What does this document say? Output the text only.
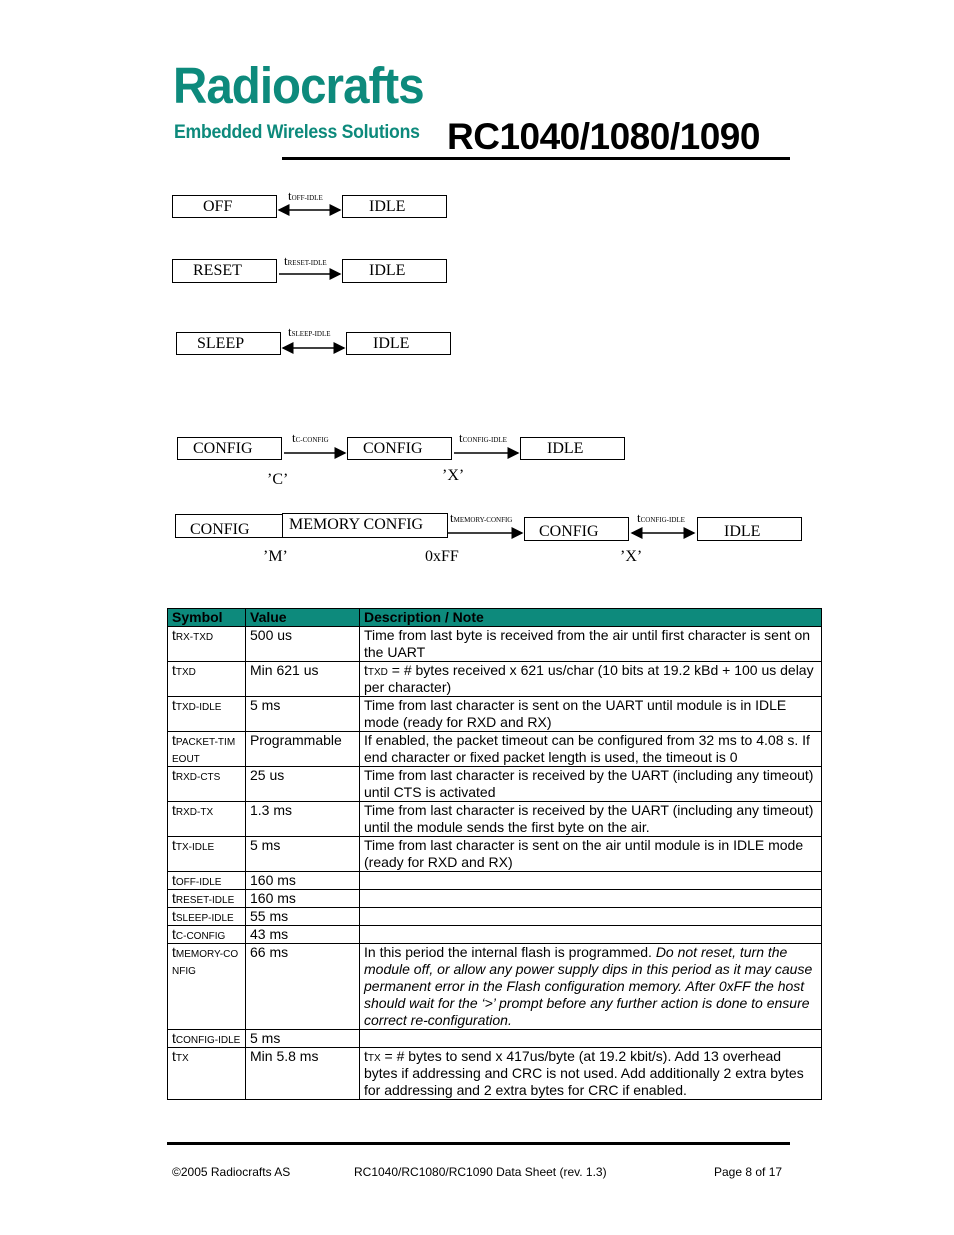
Radiocrafts
Embedded Wireless Solutions RC1040/1080/1090
OFF	IDLE
tOFF-IDLE
RESET	IDLE
tRESET-IDLE
SLEEP	IDLE
tSLEEP-IDLE
CONFIG	CONFIG	IDLE
tC-CONFIG	tCONFIG-IDLE
’C’	’X’
CONFIG	MEMORY CONFIG	CONFIG	IDLE
tMEMORY-CONFIG	tCONFIG-IDLE
’M’	0xFF	’X’
Symbol	Value	Description / Note
tRX-TXD	500 us	Time from last byte is received from the air until first character is sent on the UART
tTXD	Min 621 us	tTXD = # bytes received x 621 us/char (10 bits at 19.2 kBd + 100 us delay per character)
tTXD-IDLE	5 ms	Time from last character is sent on the UART until module is in IDLE mode (ready for RXD and RX)
tPACKET-TIMEOUT	Programmable	If enabled, the packet timeout can be configured from 32 ms to 4.08 s. If end character or fixed packet length is used, the timeout is 0
tRXD-CTS	25 us	Time from last character is received by the UART (including any timeout) until CTS is activated
tRXD-TX	1.3 ms	Time from last character is received by the UART (including any timeout) until the module sends the first byte on the air.
tTX-IDLE	5 ms	Time from last character is sent on the air until module is in IDLE mode (ready for RXD and RX)
tOFF-IDLE	160 ms	
tRESET-IDLE	160 ms	
tSLEEP-IDLE	55 ms	
tC-CONFIG	43 ms	
tMEMORY-CONFIG	66 ms	In this period the internal flash is programmed. Do not reset, turn the module off, or allow any power supply dips in this period as it may cause permanent error in the Flash configuration memory. After 0xFF the host should wait for the ‘>’ prompt before any further action is done to ensure correct re-configuration.
tCONFIG-IDLE	5 ms	
tTX	Min 5.8 ms	tTX = # bytes to send x 417us/byte (at 19.2 kbit/s). Add 13 overhead bytes if addressing and CRC is not used. Add additionally 2 extra bytes for addressing and 2 extra bytes for CRC if enabled.
©2005 Radiocrafts AS	RC1040/RC1080/RC1090 Data Sheet (rev. 1.3)	Page 8 of 17
